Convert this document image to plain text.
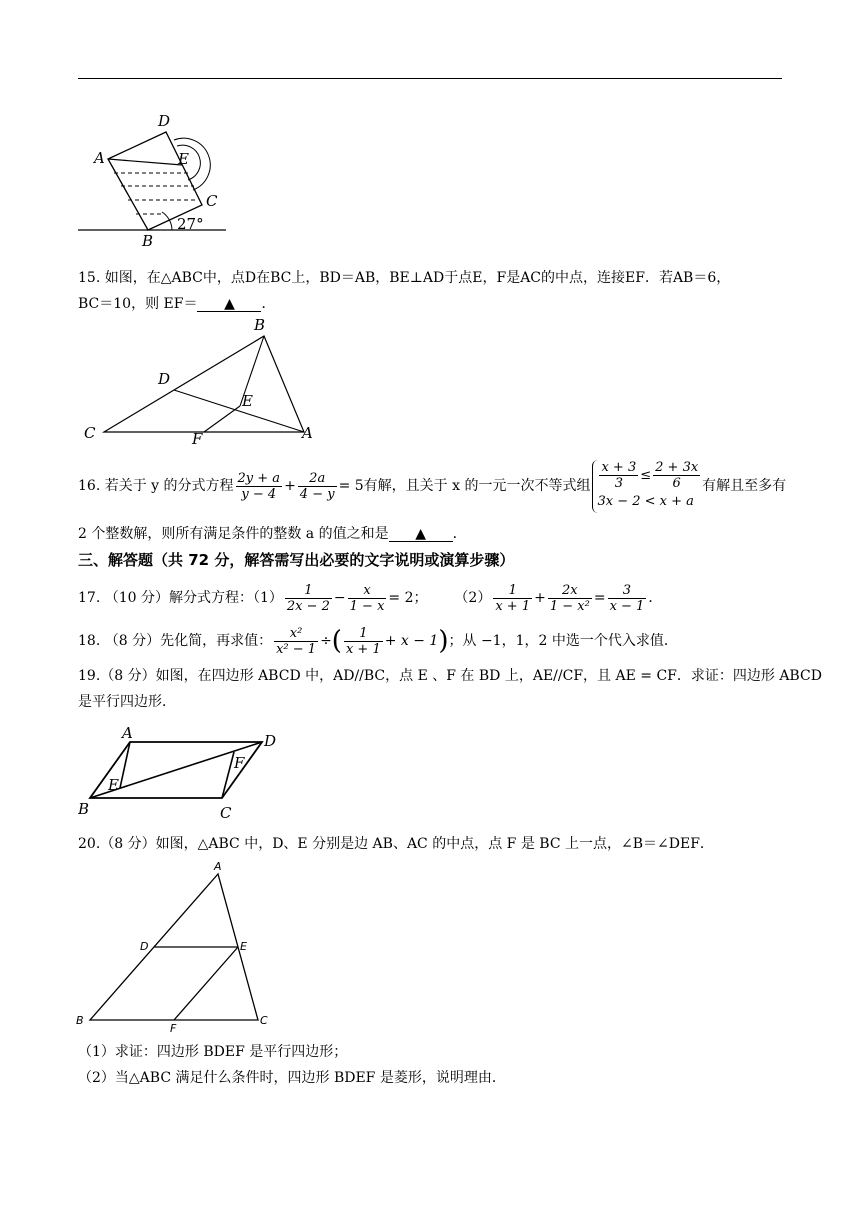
D
A	E
C
B
27°
15. 如图，在△ABC中，点D在BC上，BD＝AB，BE⊥AD于点E，F是AC的中点，连接EF．若AB＝6，
BC＝10，则 EF＝ ▲ ．
B
D
E
C	F	A
16. 若关于 y 的分式方程 $\frac{2y + a}{y - 4} + \frac{2a}{4 - y} = 5$有解，且关于 x 的一元一次不等式组 $\frac{x + 3}{3} \le \frac{2 + 3x}{6}$
3x − 2 < x + a
有解且至多有
2 个整数解，则所有满足条件的整数 a 的值之和是 ▲ ．
三、解答题（共 72 分，解答需写出必要的文字说明或演算步骤）
17. （10 分）解分式方程：$(1) \frac{1}{2x - 2} - \frac{x}{1 - x} = 2$； $(2) \frac{1}{x + 1} + \frac{2x}{\text{1 − x²}} = \frac{3}{x - 1}$ ．
18. （8 分）先化简，再求值： $\frac{\text{x²}}{\text{x² − 1}}$ ÷( $\frac{1}{x + 1} + x - 1$)；从 −1，1，2 中选一个代入求值．
19.（8 分）如图，在四边形 ABCD 中，AD//BC，点 E 、F 在 BD 上，AE//CF，且 AE = CF．求证：四边形 ABCD
是平行四边形．
A	D
F
E
B	C
20.（8 分）如图，△ABC 中，D、E 分别是边 AB、AC 的中点，点 F 是 BC 上一点，∠B＝∠DEF．
A
D	E
B
F
C
（1）求证：四边形 BDEF 是平行四边形；
（2）当△ABC 满足什么条件时，四边形 BDEF 是菱形，说明理由．
